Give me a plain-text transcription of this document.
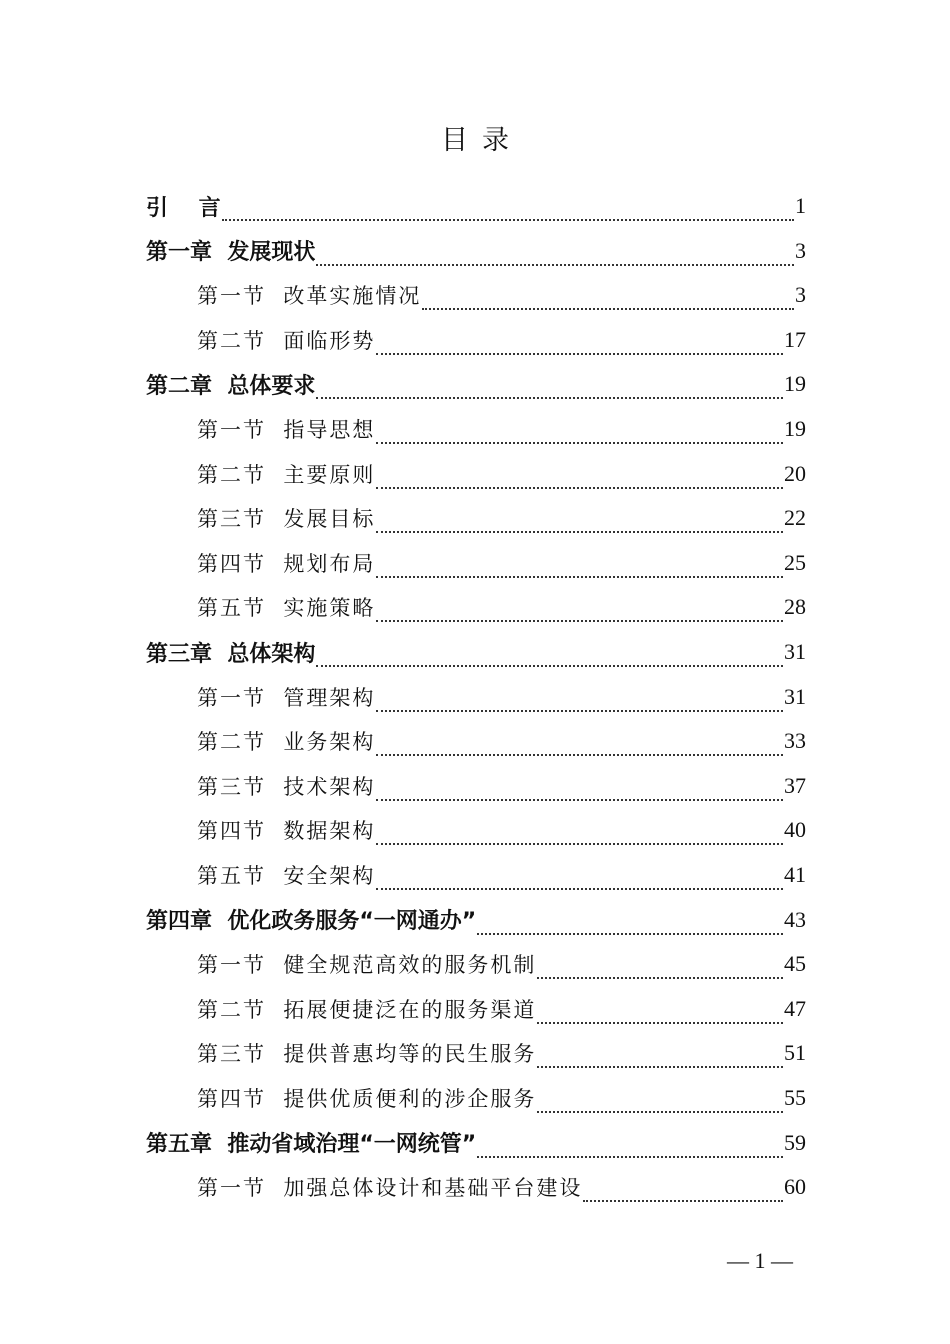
目录
引    言	1
第一章  发展现状	3
第一节  改革实施情况	3
第二节  面临形势	17
第二章  总体要求	19
第一节  指导思想	19
第二节  主要原则	20
第三节  发展目标	22
第四节  规划布局	25
第五节  实施策略	28
第三章  总体架构	31
第一节  管理架构	31
第二节  业务架构	33
第三节  技术架构	37
第四节  数据架构	40
第五节  安全架构	41
第四章  优化政务服务“一网通办”	43
第一节  健全规范高效的服务机制	45
第二节  拓展便捷泛在的服务渠道	47
第三节  提供普惠均等的民生服务	51
第四节  提供优质便利的涉企服务	55
第五章  推动省域治理“一网统管”	59
第一节  加强总体设计和基础平台建设	60
— 1 —
